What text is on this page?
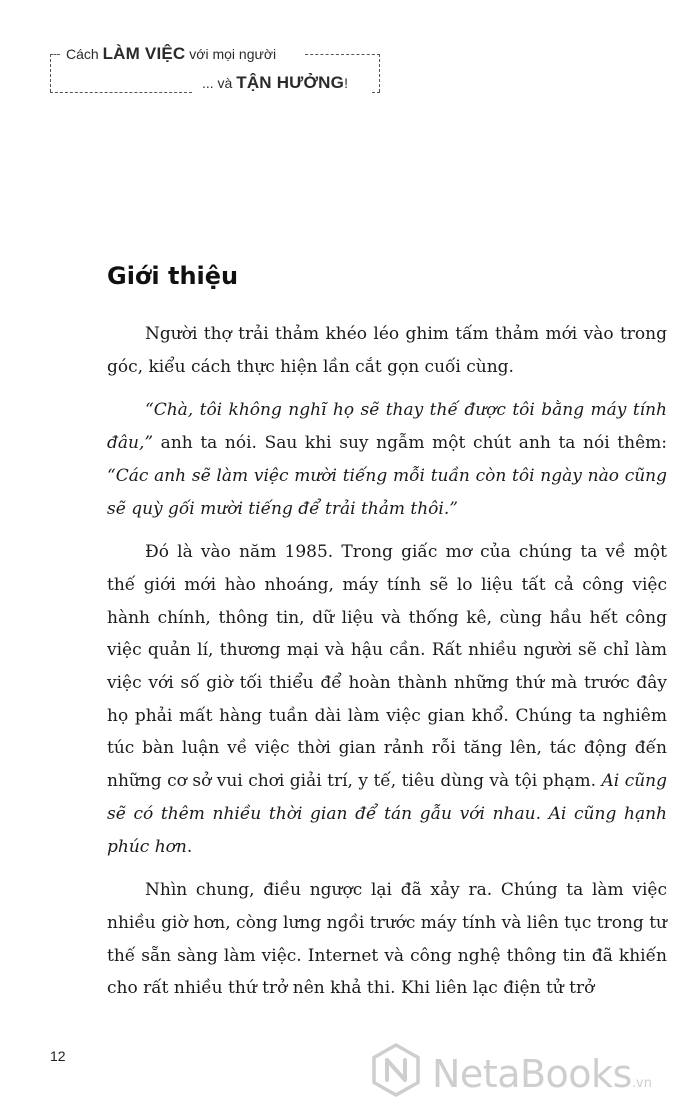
Cách LÀM VIỆC với mọi người
... và TẬN HƯỞNG!
Giới thiệu

Người thợ trải thảm khéo léo ghim tấm thảm mới vào trong góc, kiểu cách thực hiện lần cắt gọn cuối cùng.

“Chà, tôi không nghĩ họ sẽ thay thế được tôi bằng máy tính đâu,” anh ta nói. Sau khi suy ngẫm một chút anh ta nói thêm: “Các anh sẽ làm việc mười tiếng mỗi tuần còn tôi ngày nào cũng sẽ quỳ gối mười tiếng để trải thảm thôi.”

Đó là vào năm 1985. Trong giấc mơ của chúng ta về một thế giới mới hào nhoáng, máy tính sẽ lo liệu tất cả công việc hành chính, thông tin, dữ liệu và thống kê, cùng hầu hết công việc quản lí, thương mại và hậu cần. Rất nhiều người sẽ chỉ làm việc với số giờ tối thiểu để hoàn thành những thứ mà trước đây họ phải mất hàng tuần dài làm việc gian khổ. Chúng ta nghiêm túc bàn luận về việc thời gian rảnh rỗi tăng lên, tác động đến những cơ sở vui chơi giải trí, y tế, tiêu dùng và tội phạm. Ai cũng sẽ có thêm nhiều thời gian để tán gẫu với nhau. Ai cũng hạnh phúc hơn.

Nhìn chung, điều ngược lại đã xảy ra. Chúng ta làm việc nhiều giờ hơn, còng lưng ngồi trước máy tính và liên tục trong tư thế sẵn sàng làm việc. Internet và công nghệ thông tin đã khiến cho rất nhiều thứ trở nên khả thi. Khi liên lạc điện tử trở

12	NetaBooks.vn
